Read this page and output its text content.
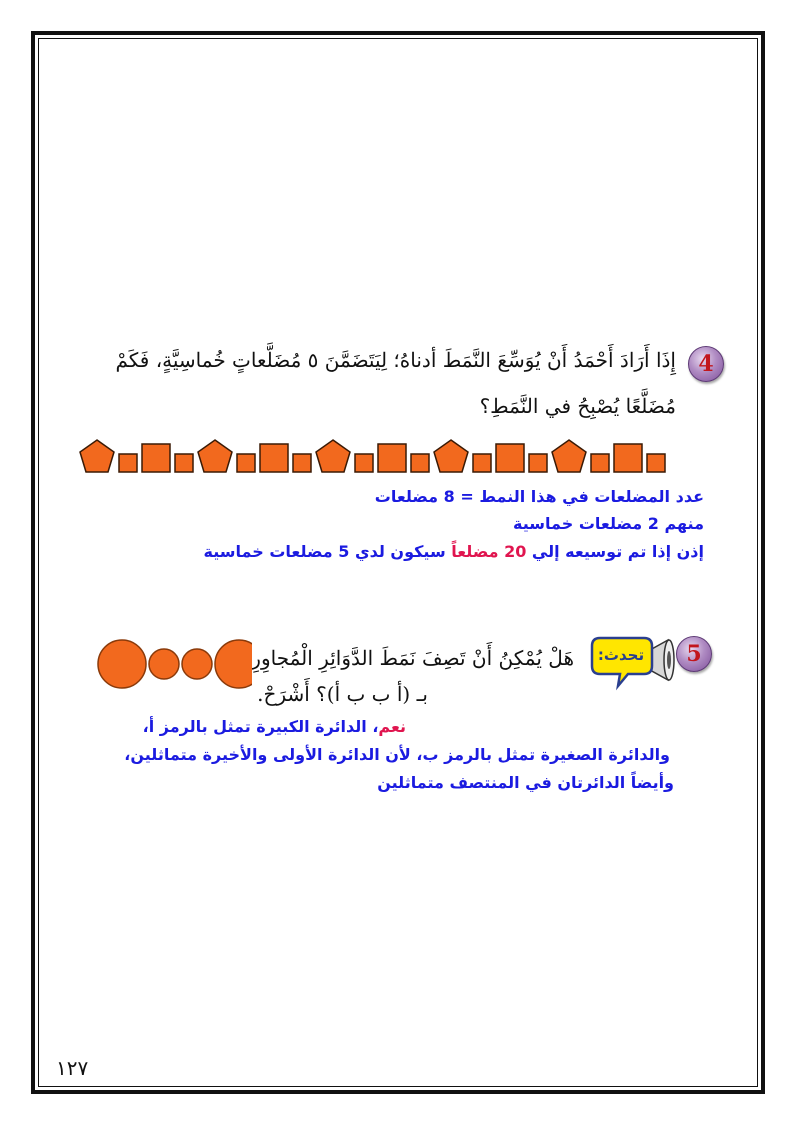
4
إِذَا أَرَادَ أَحْمَدُ أَنْ يُوَسِّعَ النَّمَطَ أدناهُ؛ لِيَتَضَمَّنَ ٥ مُضَلَّعاتٍ خُماسِيَّةٍ، فَكَمْ
مُضَلَّعًا يُصْبِحُ في النَّمَطِ؟
عدد المضلعات في هذا النمط = 8 مضلعات
منهم 2 مضلعات خماسية
إذن إذا تم توسيعه إلي 20 مضلعاً سيكون لدي 5 مضلعات خماسية
5
تحدث:
هَلْ يُمْكِنُ أَنْ تَصِفَ نَمَطَ الدَّوَائِرِ الْمُجاوِرِ
بـ (أ ب ب أ)؟ أَشْرَحْ.
نعم، الدائرة الكبيرة تمثل بالرمز أ،
والدائرة الصغيرة تمثل بالرمز ب، لأن الدائرة الأولى والأخيرة متماثلين،
وأيضاً الدائرتان في المنتصف متماثلين
١٢٧
